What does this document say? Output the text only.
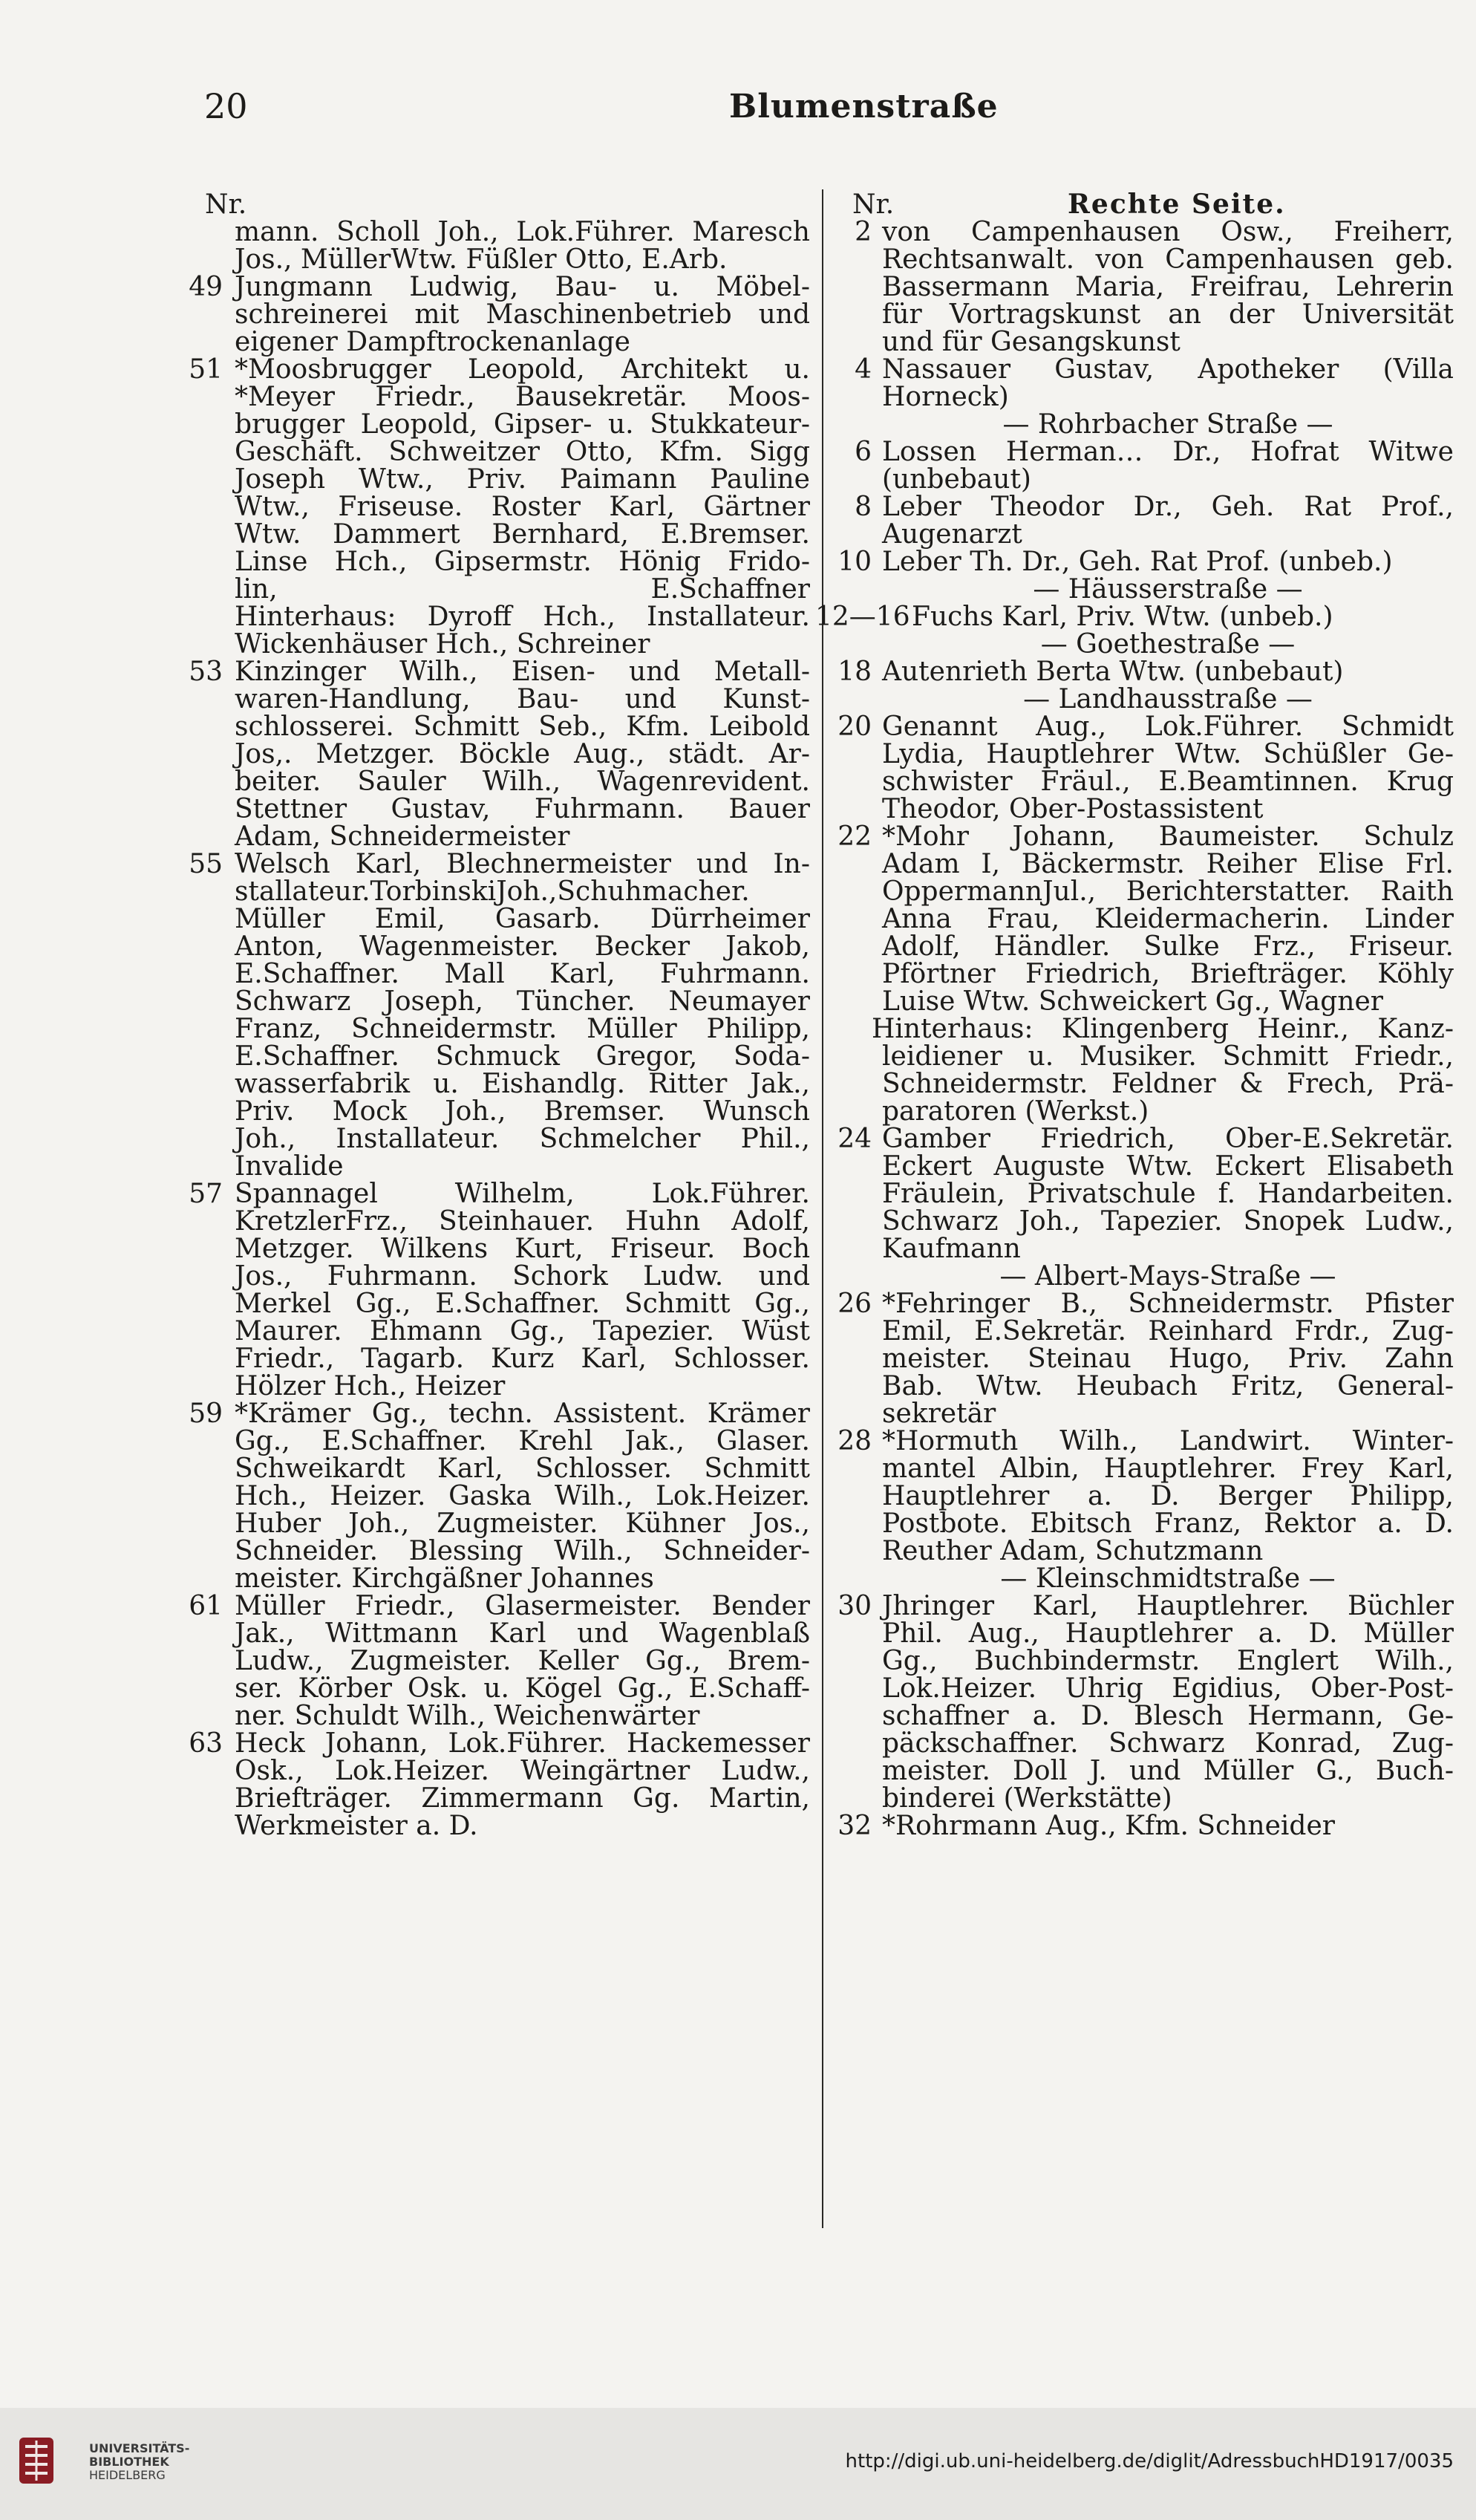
20	Blumenstraße
Nr.
mann. Scholl Joh., Lok.Führer. Maresch
Jos., MüllerWtw. Füßler Otto, E.Arb.
49 Jungmann Ludwig, Bau- u. Möbel-
schreinerei mit Maschinenbetrieb und
eigener Dampftrockenanlage
51 *Moosbrugger Leopold, Architekt u.
*Meyer Friedr., Bausekretär. Moos-
brugger Leopold, Gipser- u. Stukkateur-
Geschäft. Schweitzer Otto, Kfm. Sigg
Joseph Wtw., Priv. Paimann Pauline
Wtw., Friseuse. Roster Karl, Gärtner
Wtw. Dammert Bernhard, E.Bremser.
Linse Hch., Gipsermstr. Hönig Frido-
lin, E.Schaffner
Hinterhaus: Dyroff Hch., Installateur.
Wickenhäuser Hch., Schreiner
53 Kinzinger Wilh., Eisen- und Metall-
waren-Handlung, Bau- und Kunst-
schlosserei. Schmitt Seb., Kfm. Leibold
Jos,. Metzger. Böckle Aug., städt. Ar-
beiter. Sauler Wilh., Wagenrevident.
Stettner Gustav, Fuhrmann. Bauer
Adam, Schneidermeister
55 Welsch Karl, Blechnermeister und In-
stallateur.TorbinskiJoh.,Schuhmacher.
Müller Emil, Gasarb. Dürrheimer
Anton, Wagenmeister. Becker Jakob,
E.Schaffner. Mall Karl, Fuhrmann.
Schwarz Joseph, Tüncher. Neumayer
Franz, Schneidermstr. Müller Philipp,
E.Schaffner. Schmuck Gregor, Soda-
wasserfabrik u. Eishandlg. Ritter Jak.,
Priv. Mock Joh., Bremser. Wunsch
Joh., Installateur. Schmelcher Phil.,
Invalide
57 Spannagel Wilhelm, Lok.Führer.
KretzlerFrz., Steinhauer. Huhn Adolf,
Metzger. Wilkens Kurt, Friseur. Boch
Jos., Fuhrmann. Schork Ludw. und
Merkel Gg., E.Schaffner. Schmitt Gg.,
Maurer. Ehmann Gg., Tapezier. Wüst
Friedr., Tagarb. Kurz Karl, Schlosser.
Hölzer Hch., Heizer
59 *Krämer Gg., techn. Assistent. Krämer
Gg., E.Schaffner. Krehl Jak., Glaser.
Schweikardt Karl, Schlosser. Schmitt
Hch., Heizer. Gaska Wilh., Lok.Heizer.
Huber Joh., Zugmeister. Kühner Jos.,
Schneider. Blessing Wilh., Schneider-
meister. Kirchgäßner Johannes
61 Müller Friedr., Glasermeister. Bender
Jak., Wittmann Karl und Wagenblaß
Ludw., Zugmeister. Keller Gg., Brem-
ser. Körber Osk. u. Kögel Gg., E.Schaff-
ner. Schuldt Wilh., Weichenwärter
63 Heck Johann, Lok.Führer. Hackemesser
Osk., Lok.Heizer. Weingärtner Ludw.,
Briefträger. Zimmermann Gg. Martin,
Werkmeister a. D.
Nr.	Rechte Seite.
2 von Campenhausen Osw., Freiherr,
Rechtsanwalt. von Campenhausen geb.
Bassermann Maria, Freifrau, Lehrerin
für Vortragskunst an der Universität
und für Gesangskunst
4 Nassauer Gustav, Apotheker (Villa
Horneck)
— Rohrbacher Straße —
6 Lossen Herman… Dr., Hofrat Witwe
(unbebaut)
8 Leber Theodor Dr., Geh. Rat Prof.,
Augenarzt
10 Leber Th. Dr., Geh. Rat Prof. (unbeb.)
— Häusserstraße —
12—16 Fuchs Karl, Priv. Wtw. (unbeb.)
— Goethestraße —
18 Autenrieth Berta Wtw. (unbebaut)
— Landhausstraße —
20 Genannt Aug., Lok.Führer. Schmidt
Lydia, Hauptlehrer Wtw. Schüßler Ge-
schwister Fräul., E.Beamtinnen. Krug
Theodor, Ober-Postassistent
22 *Mohr Johann, Baumeister. Schulz
Adam I, Bäckermstr. Reiher Elise Frl.
OppermannJul., Berichterstatter. Raith
Anna Frau, Kleidermacherin. Linder
Adolf, Händler. Sulke Frz., Friseur.
Pförtner Friedrich, Briefträger. Köhly
Luise Wtw. Schweickert Gg., Wagner
Hinterhaus: Klingenberg Heinr., Kanz-
leidiener u. Musiker. Schmitt Friedr.,
Schneidermstr. Feldner & Frech, Prä-
paratoren (Werkst.)
24 Gamber Friedrich, Ober-E.Sekretär.
Eckert Auguste Wtw. Eckert Elisabeth
Fräulein, Privatschule f. Handarbeiten.
Schwarz Joh., Tapezier. Snopek Ludw.,
Kaufmann
— Albert-Mays-Straße —
26 *Fehringer B., Schneidermstr. Pfister
Emil, E.Sekretär. Reinhard Frdr., Zug-
meister. Steinau Hugo, Priv. Zahn
Bab. Wtw. Heubach Fritz, General-
sekretär
28 *Hormuth Wilh., Landwirt. Winter-
mantel Albin, Hauptlehrer. Frey Karl,
Hauptlehrer a. D. Berger Philipp,
Postbote. Ebitsch Franz, Rektor a. D.
Reuther Adam, Schutzmann
— Kleinschmidtstraße —
30 Jhringer Karl, Hauptlehrer. Büchler
Phil. Aug., Hauptlehrer a. D. Müller
Gg., Buchbindermstr. Englert Wilh.,
Lok.Heizer. Uhrig Egidius, Ober-Post-
schaffner a. D. Blesch Hermann, Ge-
päckschaffner. Schwarz Konrad, Zug-
meister. Doll J. und Müller G., Buch-
binderei (Werkstätte)
32 *Rohrmann Aug., Kfm. Schneider
UNIVERSITÄTS-
BIBLIOTHEK
HEIDELBERG
http://digi.ub.uni-heidelberg.de/diglit/AdressbuchHD1917/0035
